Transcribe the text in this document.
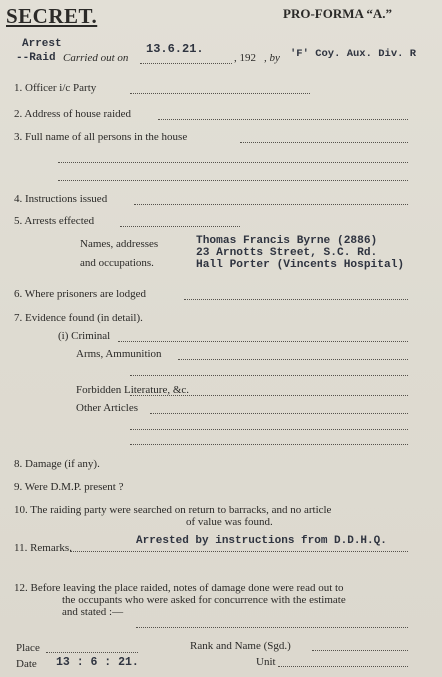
SECRET.	PRO-FORMA “A.”
Arrest
--Raid Carried out on
13.6.21.
, 192 , by 'F' Coy. Aux. Div. R
1. Officer i/c Party
2. Address of house raided
3. Full name of all persons in the house
4. Instructions issued
5. Arrests effected
Names, addresses
and occupations.
Thomas Francis Byrne (2886)
23 Arnotts Street, S.C. Rd.
Hall Porter (Vincents Hospital)
6. Where prisoners are lodged
7. Evidence found (in detail).
(i) Criminal
Arms, Ammunition
Forbidden Literature, &c.
Other Articles
8. Damage (if any).
9. Were D.M.P. present ?
10. The raiding party were searched on return to barracks, and no article
of value was found.
11. Remarks.
Arrested by instructions from D.D.H.Q.
12. Before leaving the place raided, notes of damage done were read out to
the occupants who were asked for concurrence with the estimate
and stated :—
Place	Rank and Name (Sgd.)
Date 13 : 6 : 21.	Unit
